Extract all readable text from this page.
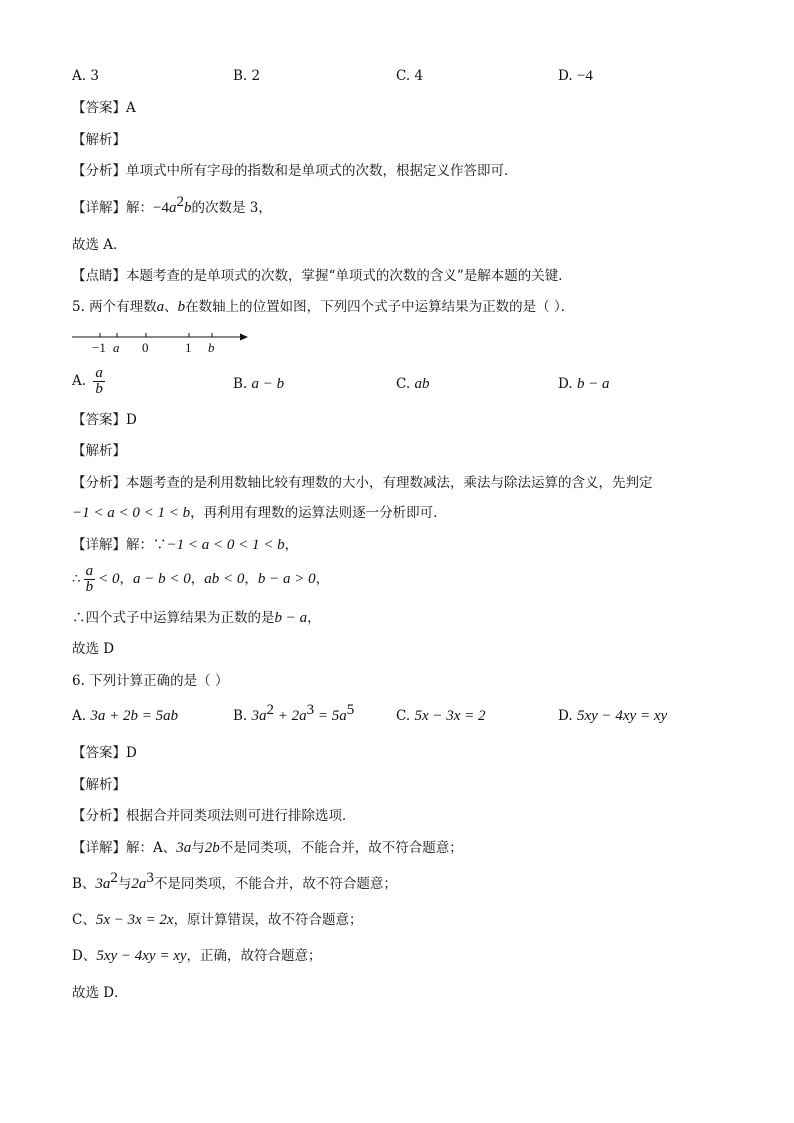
A. 3	B. 2	C. 4	D. −4
【答案】A
【解析】
【分析】单项式中所有字母的指数和是单项式的次数，根据定义作答即可．
【详解】解：$-4a^2b$的次数是 3，
故选 A．
【点睛】本题考查的是单项式的次数，掌握“单项式的次数的含义”是解本题的关键．
5. 两个有理数a、b在数轴上的位置如图，下列四个式子中运算结果为正数的是（ ）．
−1 a 0	1 b
A. $\frac{a}{b}$	B. a − b	C. ab	D. b − a
【答案】D
【解析】
【分析】本题考查的是利用数轴比较有理数的大小，有理数减法，乘法与除法运算的含义，先判定
−1 < a < 0 < 1 < b，再利用有理数的运算法则逐一分析即可．
【详解】解：∵−1 < a < 0 < 1 < b，
∴ $\frac{a}{b} < 0$，a − b < 0，ab < 0，b − a > 0，
∴四个式子中运算结果为正数的是b − a，
故选 D
6. 下列计算正确的是（ ）
A. 3a + 2b = 5ab	B. $3a^2 + 2a^3 = 5a^5$	C. 5x − 3x = 2	D. 5xy − 4xy = xy
【答案】D
【解析】
【分析】根据合并同类项法则可进行排除选项．
【详解】解：A、3a与2b不是同类项，不能合并，故不符合题意；
B、$3a^2$与$2a^3$不是同类项，不能合并，故不符合题意；
C、5x − 3x = 2x，原计算错误，故不符合题意；
D、5xy − 4xy = xy，正确，故符合题意；
故选 D．
